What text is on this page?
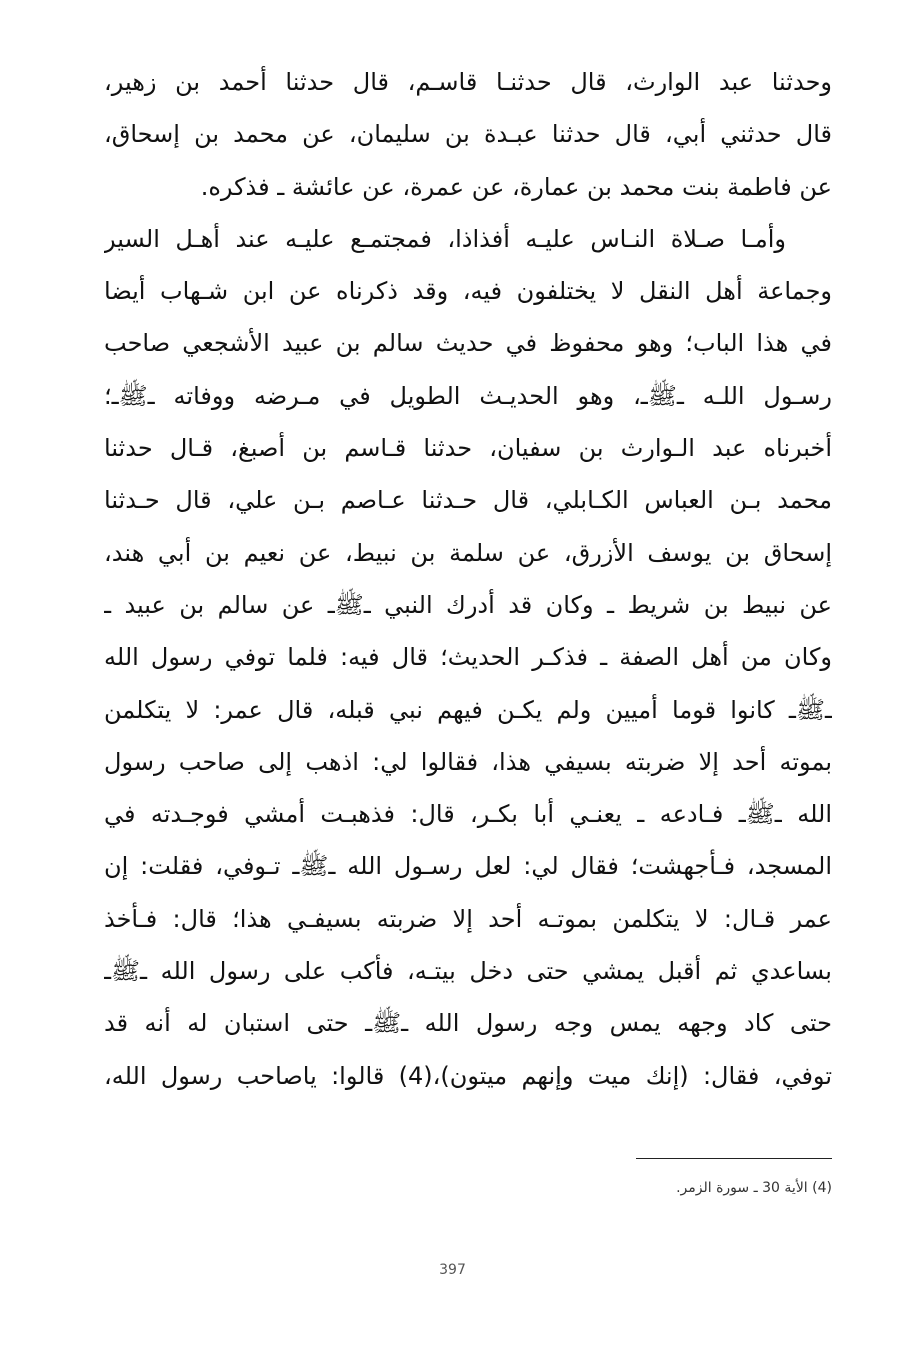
وحدثنا عبد الوارث، قال حدثنـا قاسـم، قال حدثنا أحمد بن زهير،
قال حدثني أبي، قال حدثنا عبـدة بن سليمان، عن محمد بن إسحاق،
عن فاطمة بنت محمد بن عمارة، عن عمرة، عن عائشة ـ فذكره.
وأمـا صـلاة النـاس عليـه أفذاذا، فمجتمـع عليـه عند أهـل السير
وجماعة أهل النقل لا يختلفون فيه، وقد ذكرناه عن ابن شـهاب أيضا
في هذا الباب؛ وهو محفوظ في حديث سالم بن عبيد الأشجعي صاحب
رسـول اللـه ـﷺـ، وهو الحديـث الطويل في مـرضه ووفاته ـﷺـ؛
أخبرناه عبد الـوارث بن سفيان، حدثنا قـاسم بن أصبغ، قـال حدثنا
محمد بـن العباس الكـابلي، قال حـدثنا عـاصم بـن علي، قال حـدثنا
إسحاق بن يوسف الأزرق، عن سلمة بن نبيط، عن نعيم بن أبي هند،
عن نبيط بن شريط ـ وكان قد أدرك النبي ـﷺـ عن سالم بن عبيد ـ
وكان من أهل الصفة ـ فذكـر الحديث؛ قال فيه: فلما توفي رسول الله
ـﷺـ كانوا قوما أميين ولم يكـن فيهم نبي قبله، قال عمر: لا يتكلمن
بموته أحد إلا ضربته بسيفي هذا، فقالوا لي: اذهب إلى صاحب رسول
الله ـﷺـ فـادعه ـ يعنـي أبا بكـر، قال: فذهبـت أمشي فوجـدته في
المسجد، فـأجهشت؛ فقال لي: لعل رسـول الله ـﷺـ تـوفي، فقلت: إن
عمر قـال: لا يتكلمن بموتـه أحد إلا ضربته بسيفـي هذا؛ قال: فـأخذ
بساعدي ثم أقبل يمشي حتى دخل بيتـه، فأكب على رسول الله ـﷺـ
حتى كاد وجهه يمس وجه رسول الله ـﷺـ حتى استبان له أنه قد
توفي، فقال: (إنك ميت وإنهم ميتون)،(4) قالوا: ياصاحب رسول الله،
(4) الأية 30 ـ سورة الزمر.
397
